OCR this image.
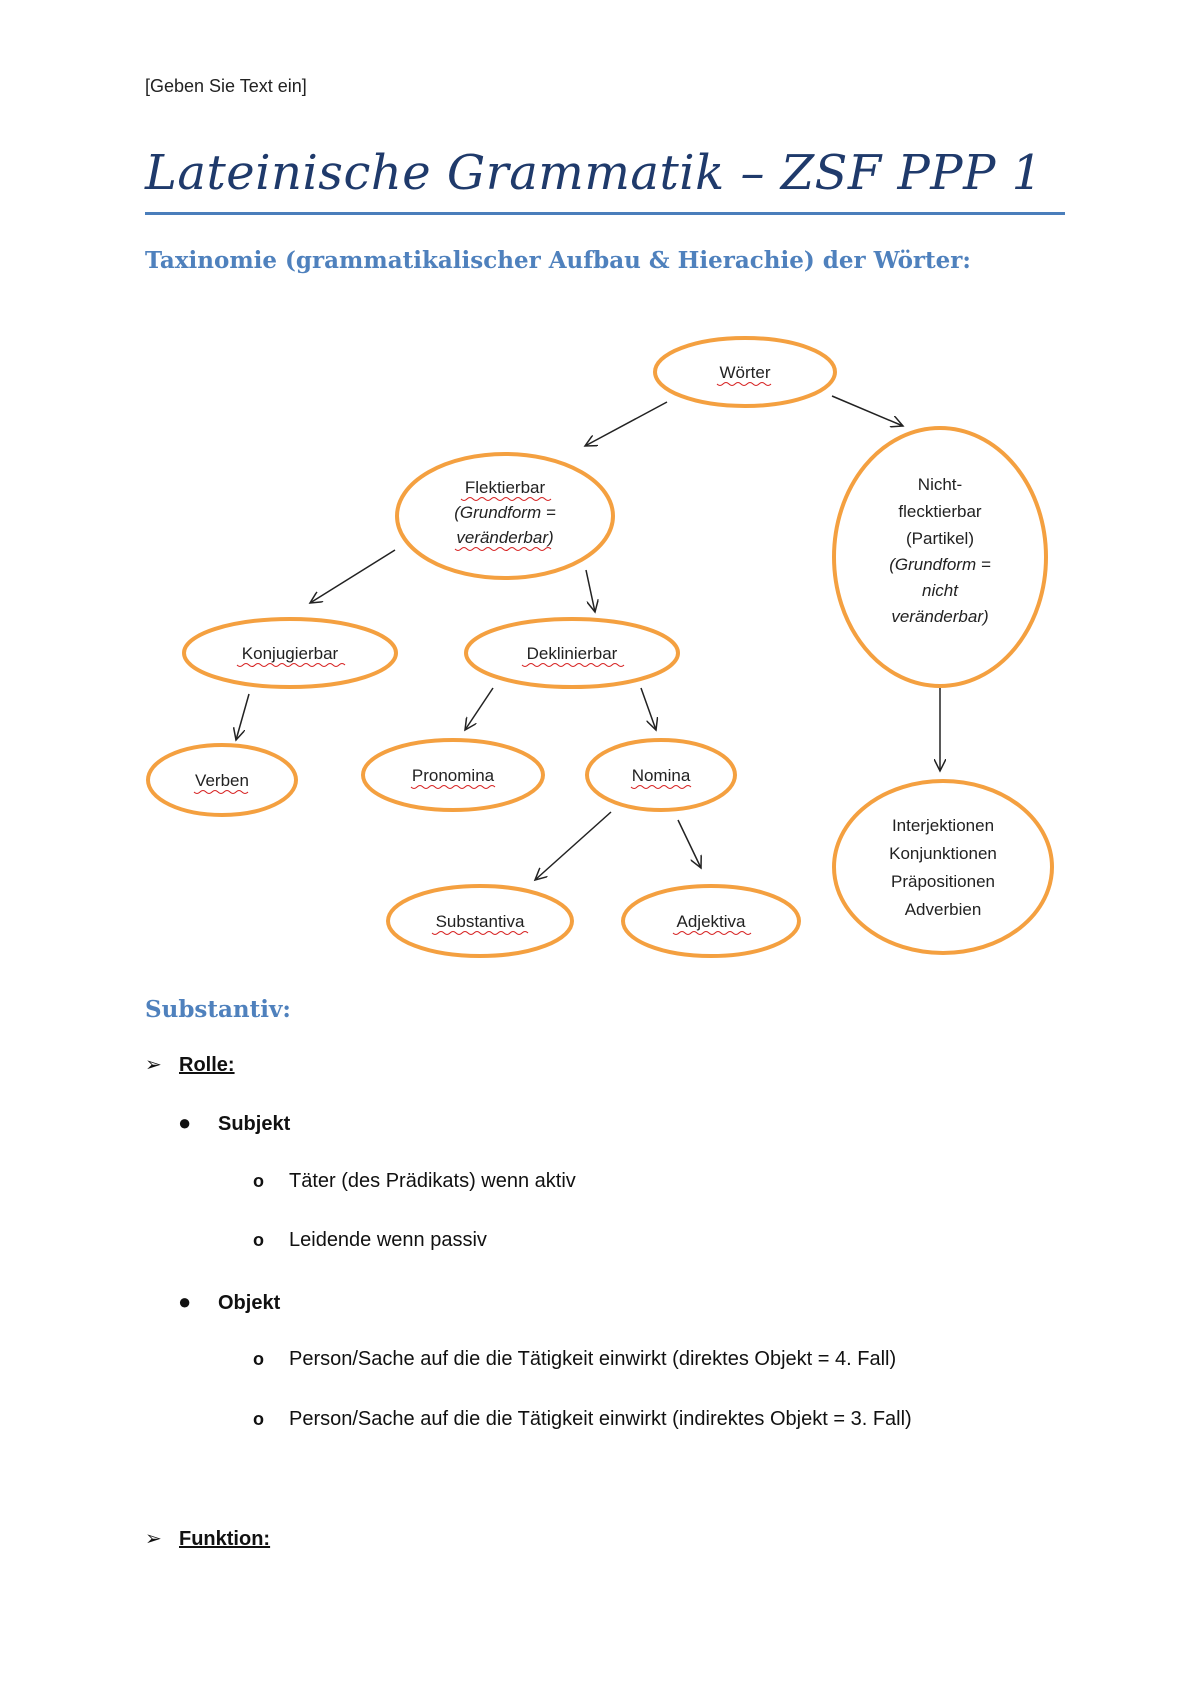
[Geben Sie Text ein]
Lateinische Grammatik – ZSF PPP 1
Taxinomie (grammatikalischer Aufbau & Hierachie) der Wörter:
Wörter
Flektierbar
(Grundform =
veränderbar)
Nicht-
flecktierbar
(Partikel)
(Grundform =
nicht
veränderbar)
Konjugierbar	Deklinierbar
Verben	Pronomina	Nomina
Substantiva	Adjektiva
Interjektionen
Konjunktionen
Präpositionen
Adverbien
Substantiv:
➢ Rolle:
● Subjekt
o Täter (des Prädikats) wenn aktiv
o Leidende wenn passiv
● Objekt
o Person/Sache auf die die Tätigkeit einwirkt (direktes Objekt = 4. Fall)
o Person/Sache auf die die Tätigkeit einwirkt (indirektes Objekt = 3. Fall)
➢ Funktion:
